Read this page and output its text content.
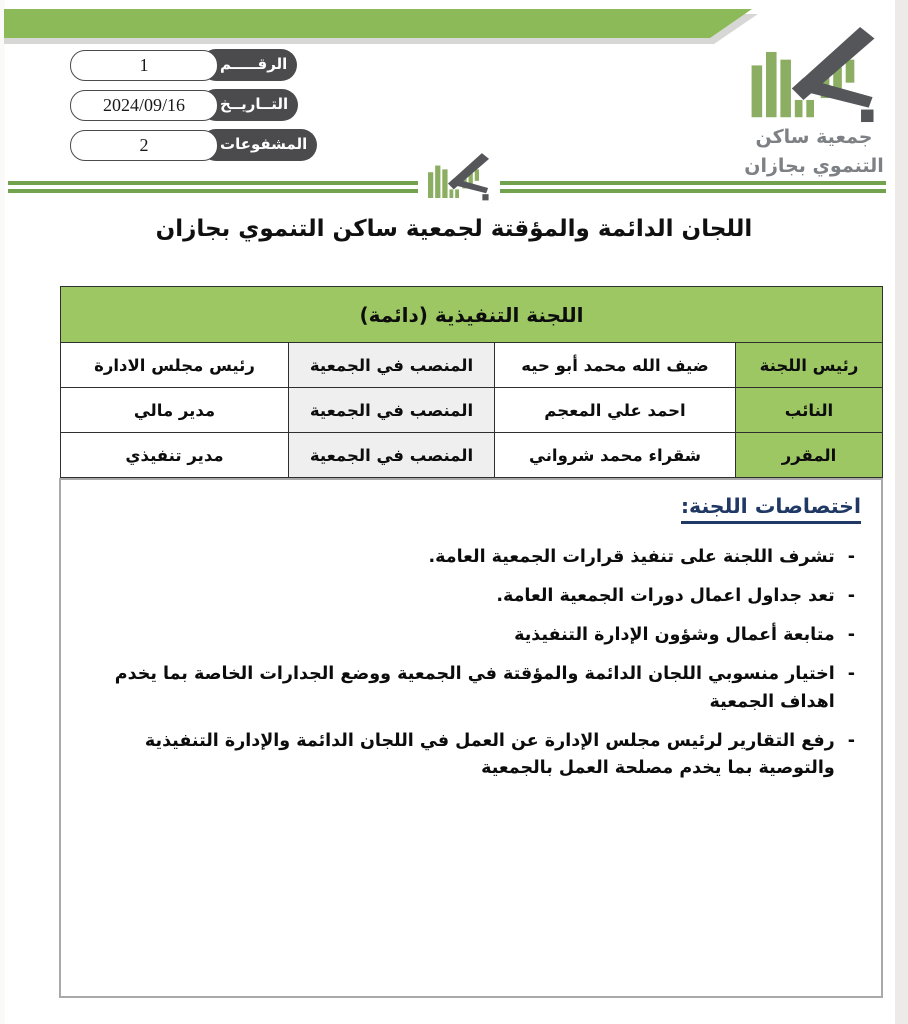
جمعية ساكن
التنموي بجازان
1	الرقـــــم
2024/09/16	التــاريــخ
2	المشفوعات
اللجان الدائمة والمؤقتة لجمعية ساكن التنموي بجازان
اللجنة التنفيذية (دائمة)			
رئيس اللجنة	ضيف الله محمد أبو حيه	المنصب في الجمعية	رئيس مجلس الادارة
النائب	احمد علي المعجم	المنصب في الجمعية	مدير مالي
المقرر	شقراء محمد شرواني	المنصب في الجمعية	مدير تنفيذي
اختصاصات اللجنة:
-
تشرف اللجنة على تنفيذ قرارات الجمعية العامة.
-
تعد جداول اعمال دورات الجمعية العامة.
-
متابعة أعمال وشؤون الإدارة التنفيذية
-
اختيار منسوبي اللجان الدائمة والمؤقتة في الجمعية ووضع الجدارات الخاصة بما يخدم اهداف الجمعية
-
رفع التقارير لرئيس مجلس الإدارة عن العمل في اللجان الدائمة والإدارة التنفيذية والتوصية بما يخدم مصلحة العمل بالجمعية
